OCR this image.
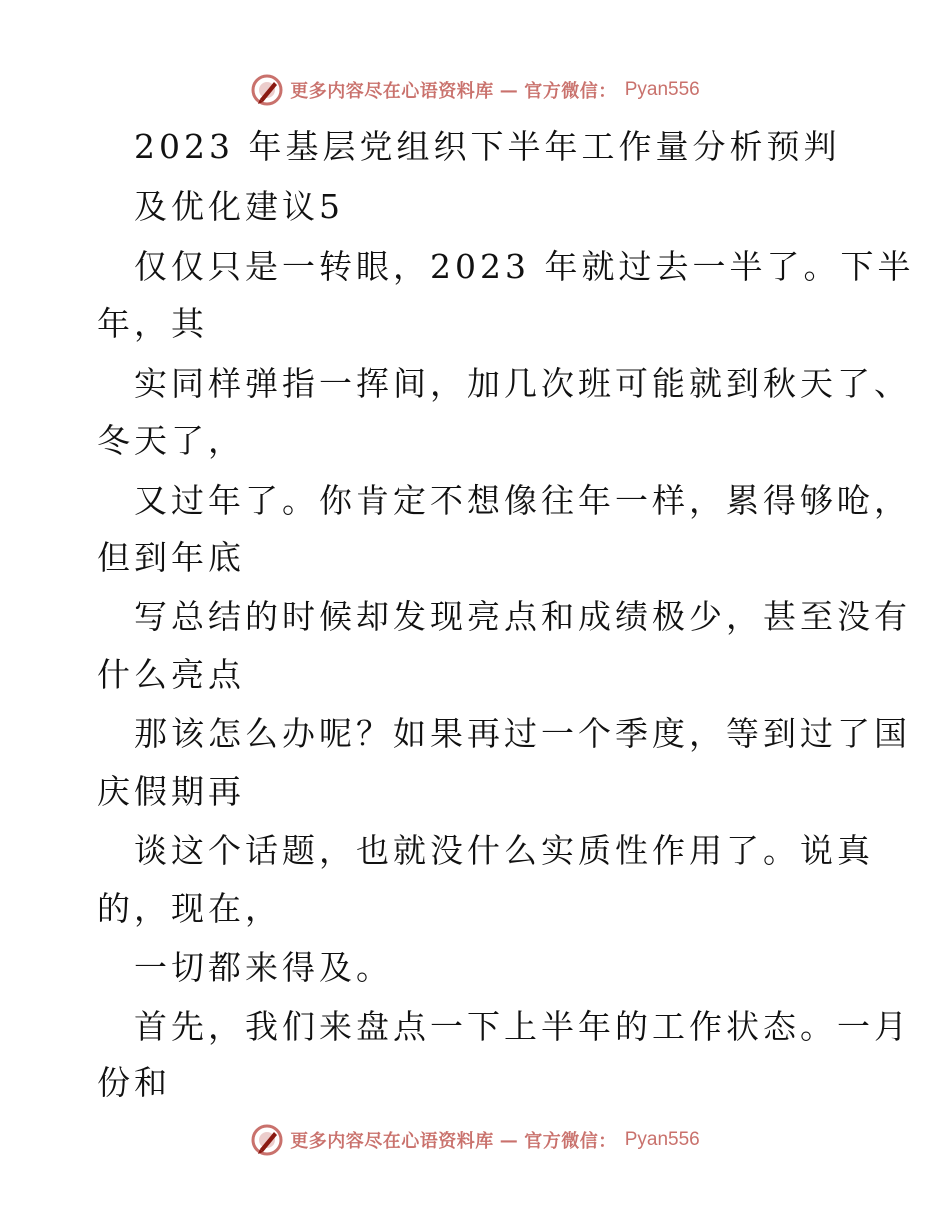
更多内容尽在心语资料库 — 官方微信： Pyan556
2023 年基层党组织下半年工作量分析预判
及优化建议5
仅仅只是一转眼，2023 年就过去一半了。下半
年，其
实同样弹指一挥间，加几次班可能就到秋天了、
冬天了，
又过年了。你肯定不想像往年一样，累得够呛，
但到年底
写总结的时候却发现亮点和成绩极少，甚至没有
什么亮点
那该怎么办呢？如果再过一个季度，等到过了国
庆假期再
谈这个话题，也就没什么实质性作用了。说真
的，现在，
一切都来得及。
首先，我们来盘点一下上半年的工作状态。一月
份和
更多内容尽在心语资料库 — 官方微信： Pyan556
